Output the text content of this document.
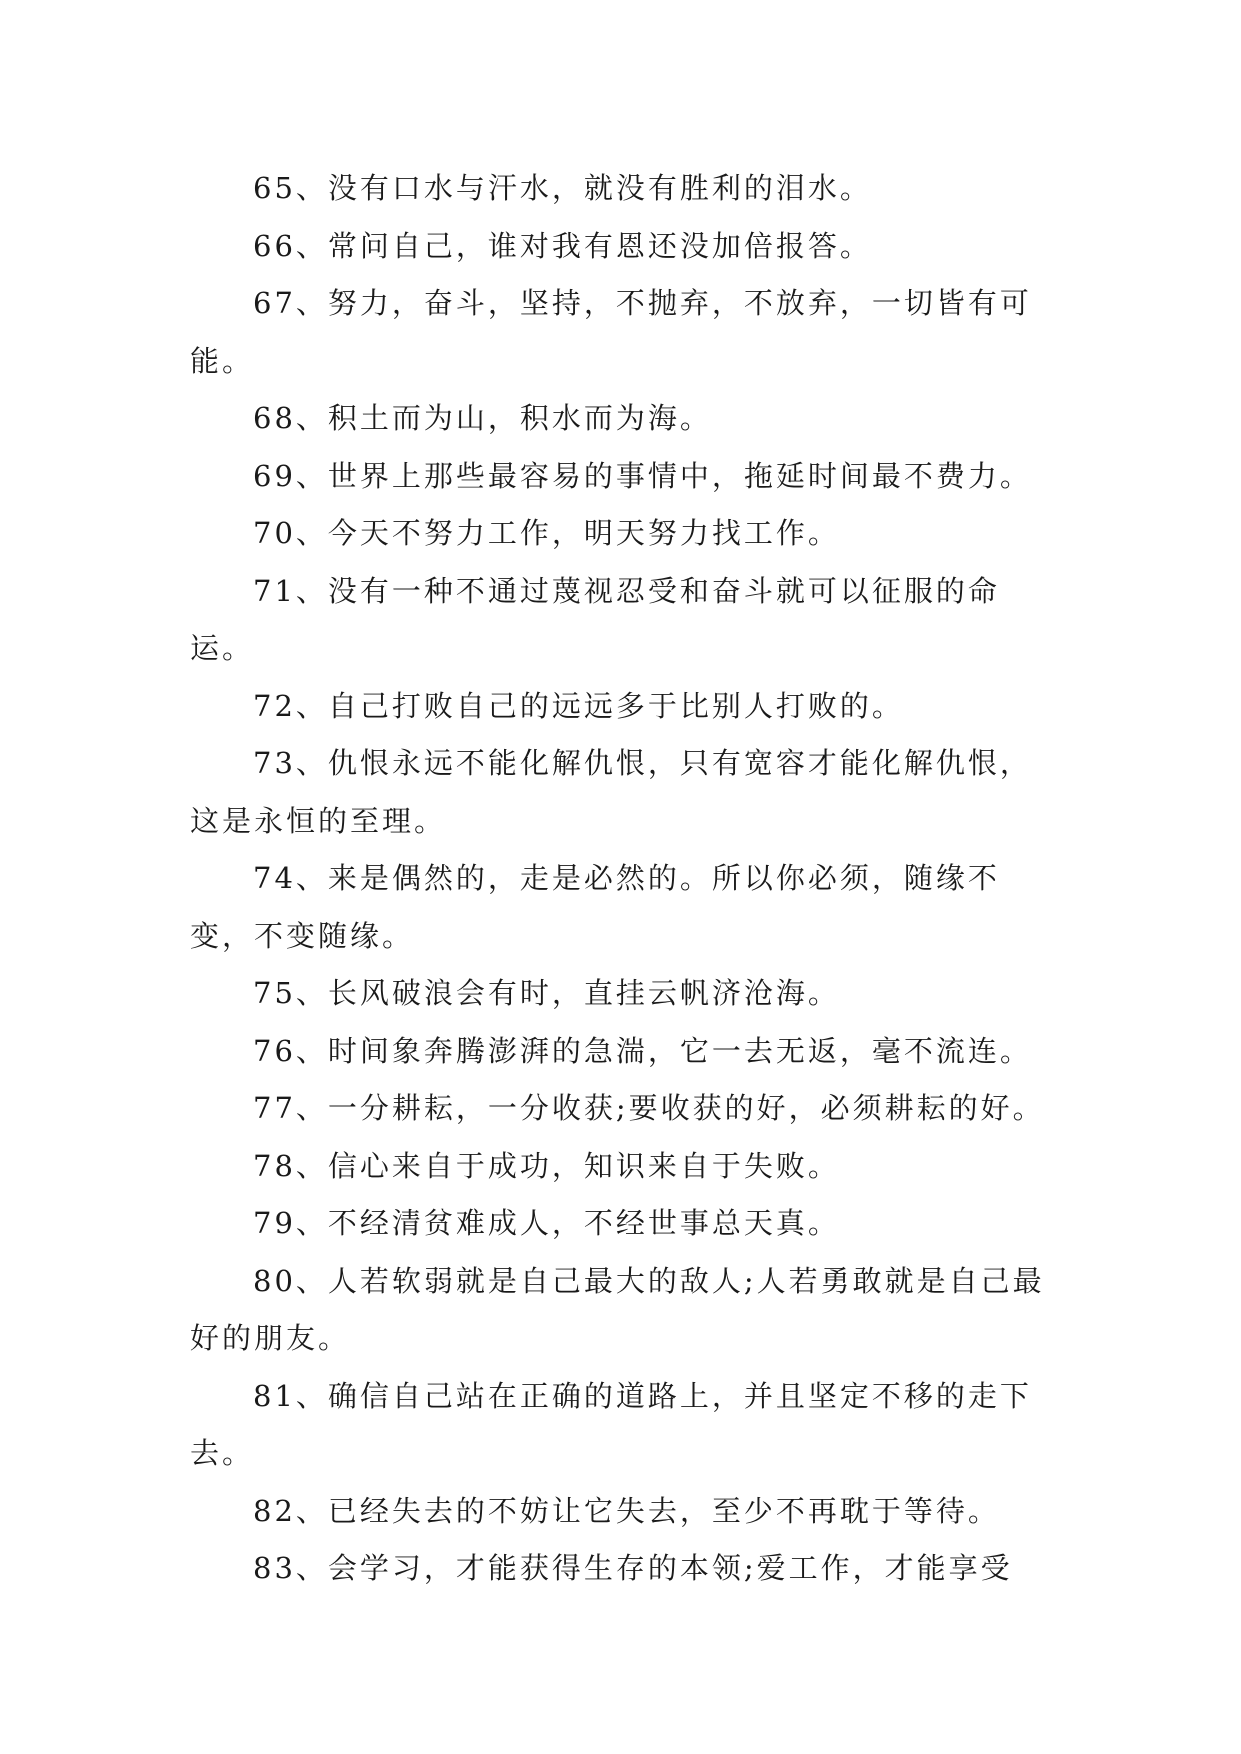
65、没有口水与汗水，就没有胜利的泪水。

66、常问自己，谁对我有恩还没加倍报答。

67、努力，奋斗，坚持，不抛弃，不放弃，一切皆有可能。

68、积土而为山，积水而为海。

69、世界上那些最容易的事情中，拖延时间最不费力。

70、今天不努力工作，明天努力找工作。

71、没有一种不通过蔑视忍受和奋斗就可以征服的命运。

72、自己打败自己的远远多于比别人打败的。

73、仇恨永远不能化解仇恨，只有宽容才能化解仇恨，这是永恒的至理。

74、来是偶然的，走是必然的。所以你必须，随缘不变，不变随缘。

75、长风破浪会有时，直挂云帆济沧海。

76、时间象奔腾澎湃的急湍，它一去无返，毫不流连。

77、一分耕耘，一分收获;要收获的好，必须耕耘的好。

78、信心来自于成功，知识来自于失败。

79、不经清贫难成人，不经世事总天真。

80、人若软弱就是自己最大的敌人;人若勇敢就是自己最好的朋友。

81、确信自己站在正确的道路上，并且坚定不移的走下去。

82、已经失去的不妨让它失去，至少不再耽于等待。

83、会学习，才能获得生存的本领;爱工作，才能享受
